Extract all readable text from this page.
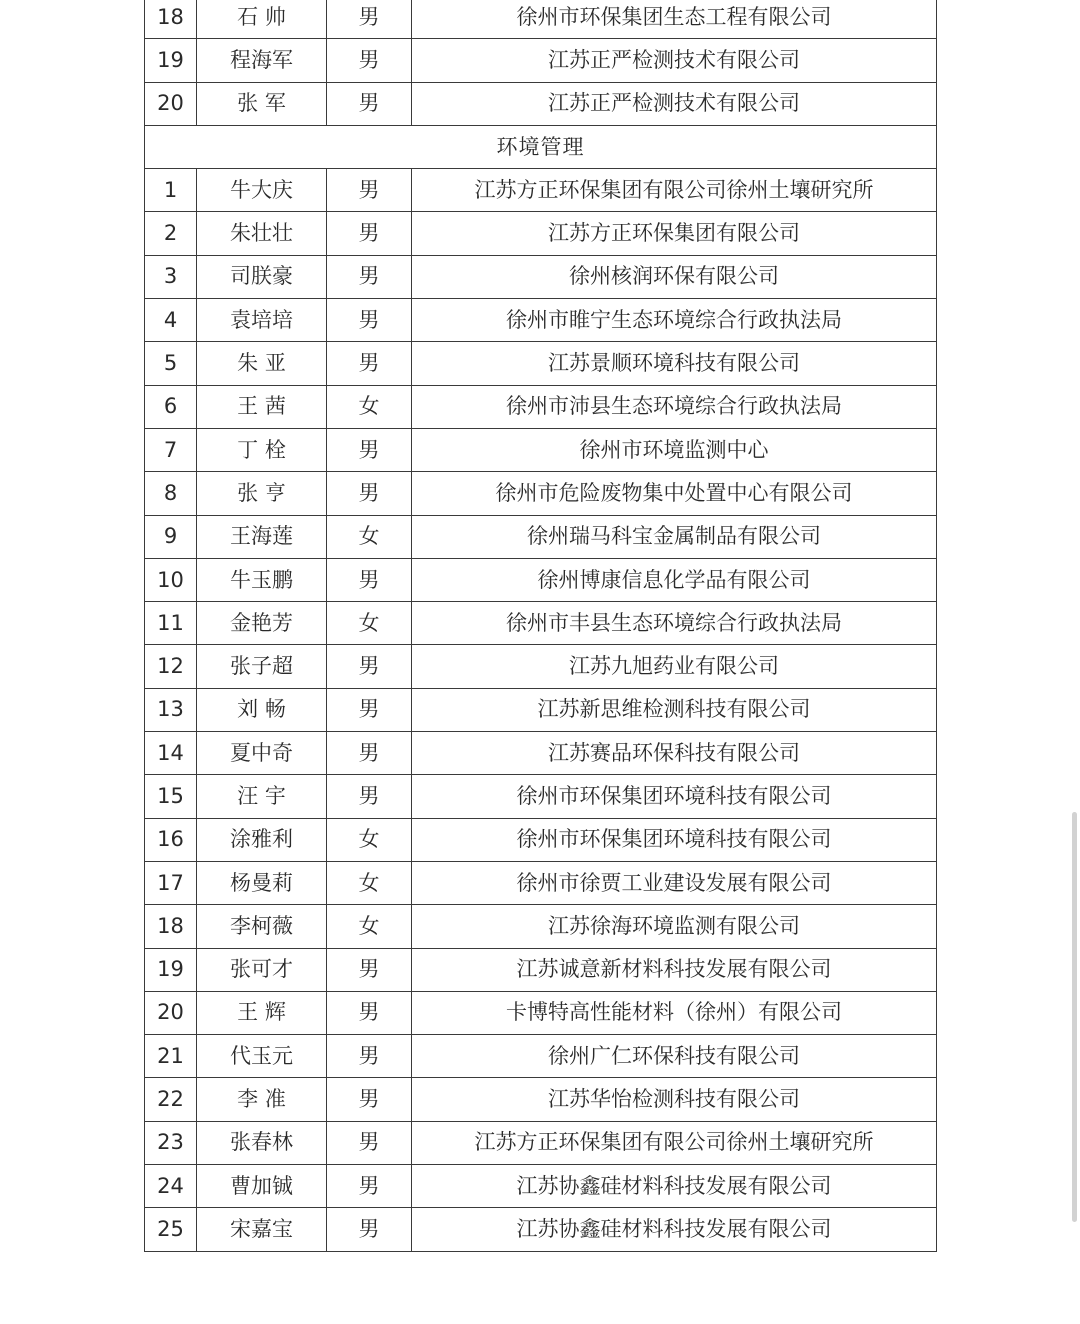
18	石 帅	男	徐州市环保集团生态工程有限公司
19	程海军	男	江苏正严检测技术有限公司
20	张 军	男	江苏正严检测技术有限公司
环境管理			
1	牛大庆	男	江苏方正环保集团有限公司徐州土壤研究所
2	朱壮壮	男	江苏方正环保集团有限公司
3	司朕豪	男	徐州核润环保有限公司
4	袁培培	男	徐州市睢宁生态环境综合行政执法局
5	朱 亚	男	江苏景顺环境科技有限公司
6	王 茜	女	徐州市沛县生态环境综合行政执法局
7	丁 栓	男	徐州市环境监测中心
8	张 亨	男	徐州市危险废物集中处置中心有限公司
9	王海莲	女	徐州瑞马科宝金属制品有限公司
10	牛玉鹏	男	徐州博康信息化学品有限公司
11	金艳芳	女	徐州市丰县生态环境综合行政执法局
12	张子超	男	江苏九旭药业有限公司
13	刘 畅	男	江苏新思维检测科技有限公司
14	夏中奇	男	江苏赛品环保科技有限公司
15	汪 宇	男	徐州市环保集团环境科技有限公司
16	涂雅利	女	徐州市环保集团环境科技有限公司
17	杨曼莉	女	徐州市徐贾工业建设发展有限公司
18	李柯薇	女	江苏徐海环境监测有限公司
19	张可才	男	江苏诚意新材料科技发展有限公司
20	王 辉	男	卡博特高性能材料（徐州）有限公司
21	代玉元	男	徐州广仁环保科技有限公司
22	李 准	男	江苏华怡检测科技有限公司
23	张春林	男	江苏方正环保集团有限公司徐州土壤研究所
24	曹加铖	男	江苏协鑫硅材料科技发展有限公司
25	宋嘉宝	男	江苏协鑫硅材料科技发展有限公司
